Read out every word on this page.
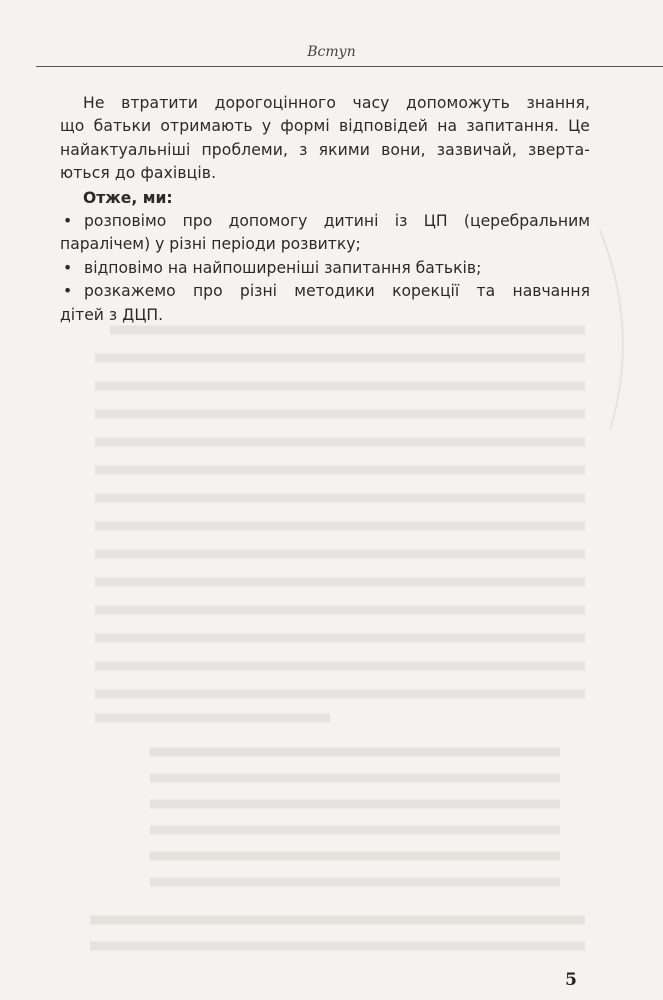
Вступ

Не втратити дорогоцінного часу допоможуть знання,
що батьки отримають у формі відповідей на запитання. Це
найактуальніші проблеми, з якими вони, зазвичай, зверта-
ються до фахівців.

Отже, ми:

• розповімо про допомогу дитині із ЦП (церебральним
паралічем) у різні періоди розвитку;
• відповімо на найпоширеніші запитання батьків;
• розкажемо про різні методики корекції та навчання
дітей з ДЦП.
5
